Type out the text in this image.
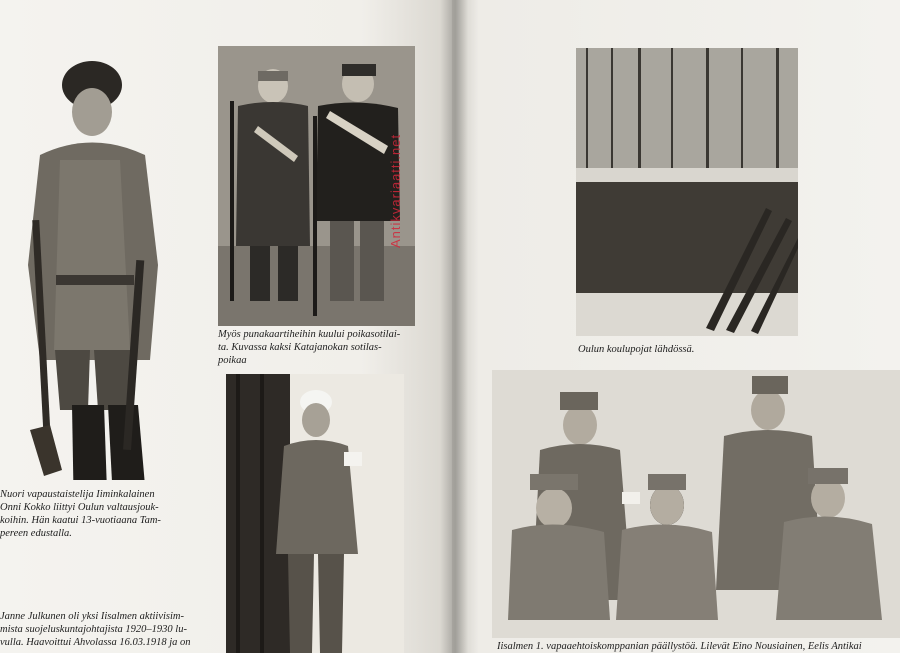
Nuori vapaustaistelija Iiminkalainen
Onni Kokko liittyi Oulun valtausjouk-
koihin. Hän kaatui 13-vuotiaana Tam-
pereen edustalla.
Myös punakaartiheihin kuului poikasotilai-
ta. Kuvassa kaksi Katajanokan sotilas-
poikaa
Oulun koulupojat lähdössä.
Janne Julkunen oli yksi Iisalmen aktiivisim-
mista suojeluskuntajohtajista 1920–1930 lu-
vulla. Haavoittui Ahvolassa 16.03.1918 ja on	Iisalmen 1. vapaaehtoiskomppanian päällystöä. Lilevät Eino Nousiainen, Eelis Antikai
Antikvariaatti.net
